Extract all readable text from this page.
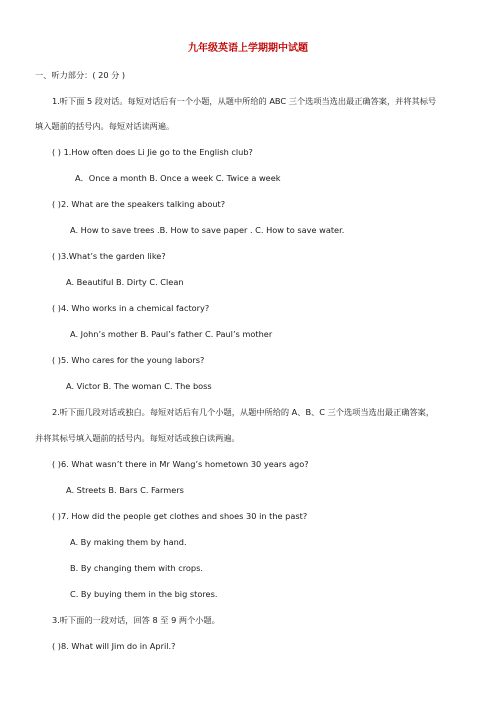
九年级英语上学期期中试题
一、听力部分：( 20 分 )
1.听下面 5 段对话。每短对话后有一个小题，从题中所给的 ABC 三个选项当选出最正确答案，并将其标号
填入题前的括号内。每短对话读两遍。
( ) 1.How often does Li Jie go to the English club?
A．Once a month B. Once a week C. Twice a week
( )2. What are the speakers talking about?
A. How to save trees .B. How to save paper . C. How to save water.
( )3.What’s the garden like?
A. Beautiful B. Dirty C. Clean
( )4. Who works in a chemical factory?
A. John’s mother B. Paul’s father C. Paul’s mother
( )5. Who cares for the young labors?
A. Victor B. The woman C. The boss
2.听下面几段对话或独白。每短对话后有几个小题，从题中所给的 A、B、C 三个选项当选出最正确答案，
并将其标号填入题前的括号内。每短对话或独白读两遍。
( )6. What wasn’t there in Mr Wang’s hometown 30 years ago?
A. Streets B. Bars C. Farmers
( )7. How did the people get clothes and shoes 30 in the past?
A. By making them by hand.
B. By changing them with crops.
C. By buying them in the big stores.
3.听下面的一段对话，回答 8 至 9 两个小题。
( )8. What will Jim do in April.?
